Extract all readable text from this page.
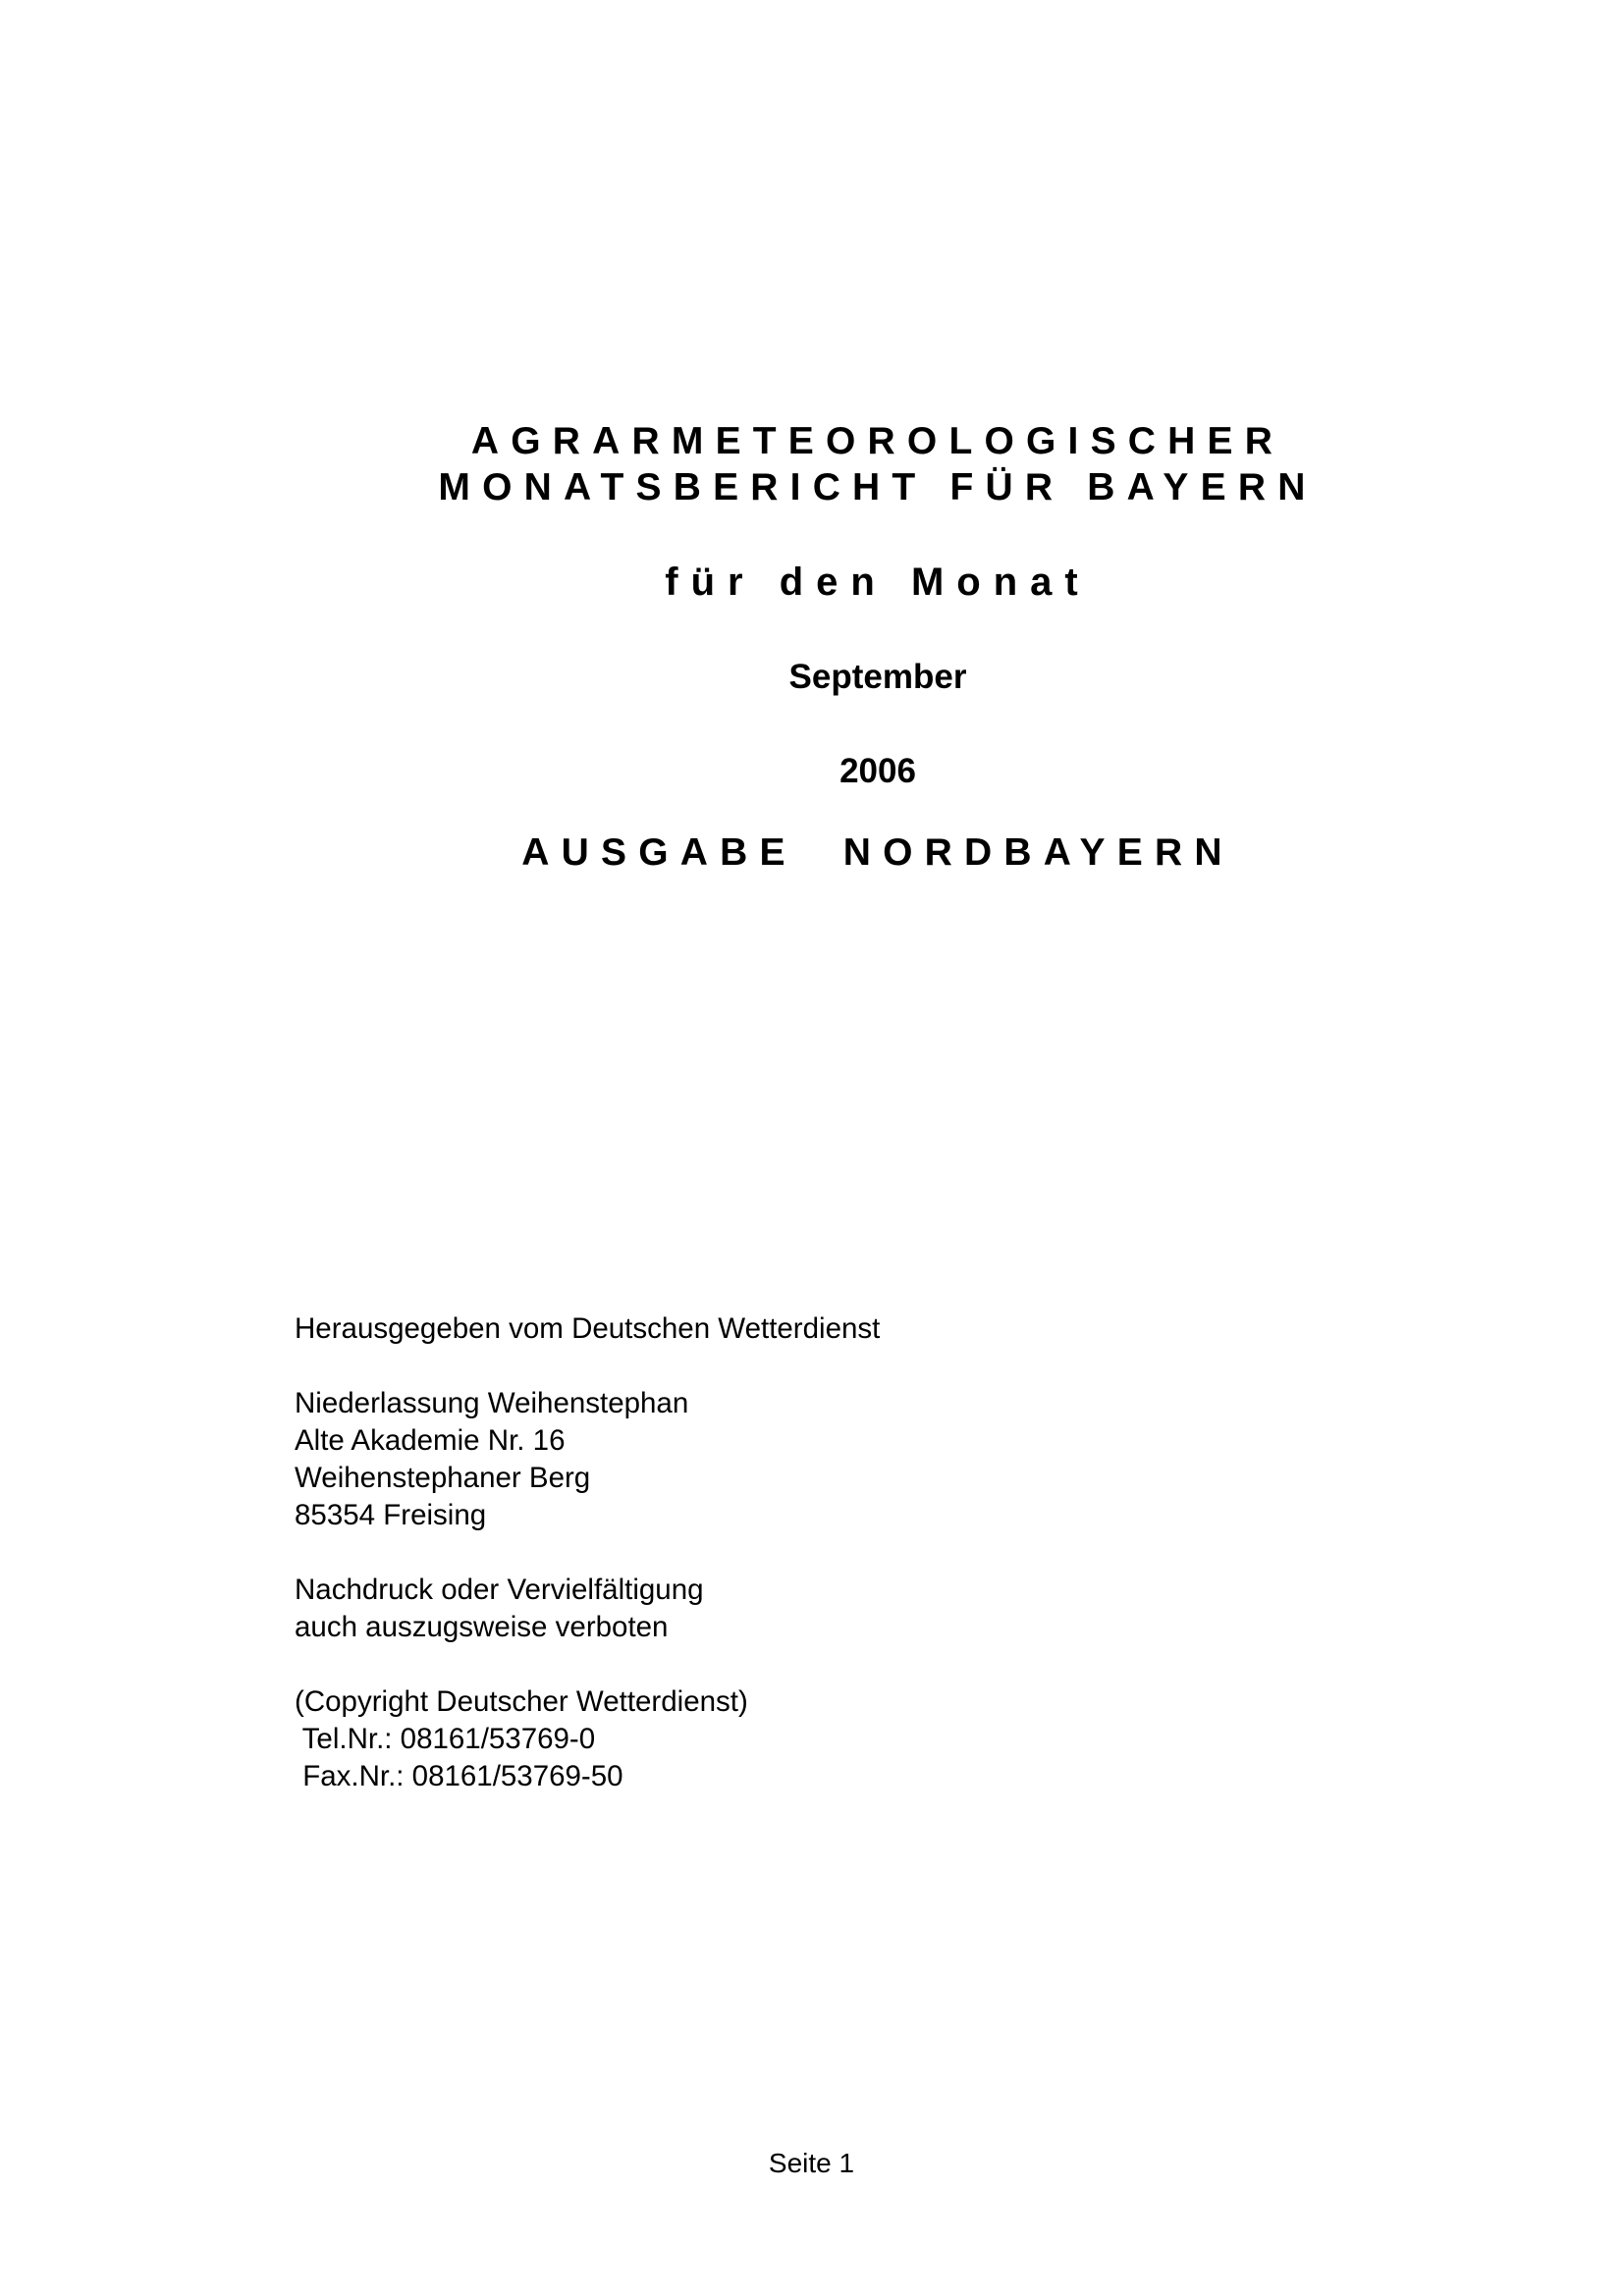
AGRARMETEOROLOGISCHER
MONATSBERICHT FÜR BAYERN
für den Monat
September
2006
AUSGABE NORDBAYERN
Herausgegeben vom Deutschen Wetterdienst
Niederlassung Weihenstephan
Alte Akademie Nr. 16
Weihenstephaner Berg
85354 Freising
Nachdruck oder Vervielfältigung
auch auszugsweise verboten
(Copyright Deutscher Wetterdienst)
Tel.Nr.: 08161/53769-0
Fax.Nr.: 08161/53769-50
Seite 1
